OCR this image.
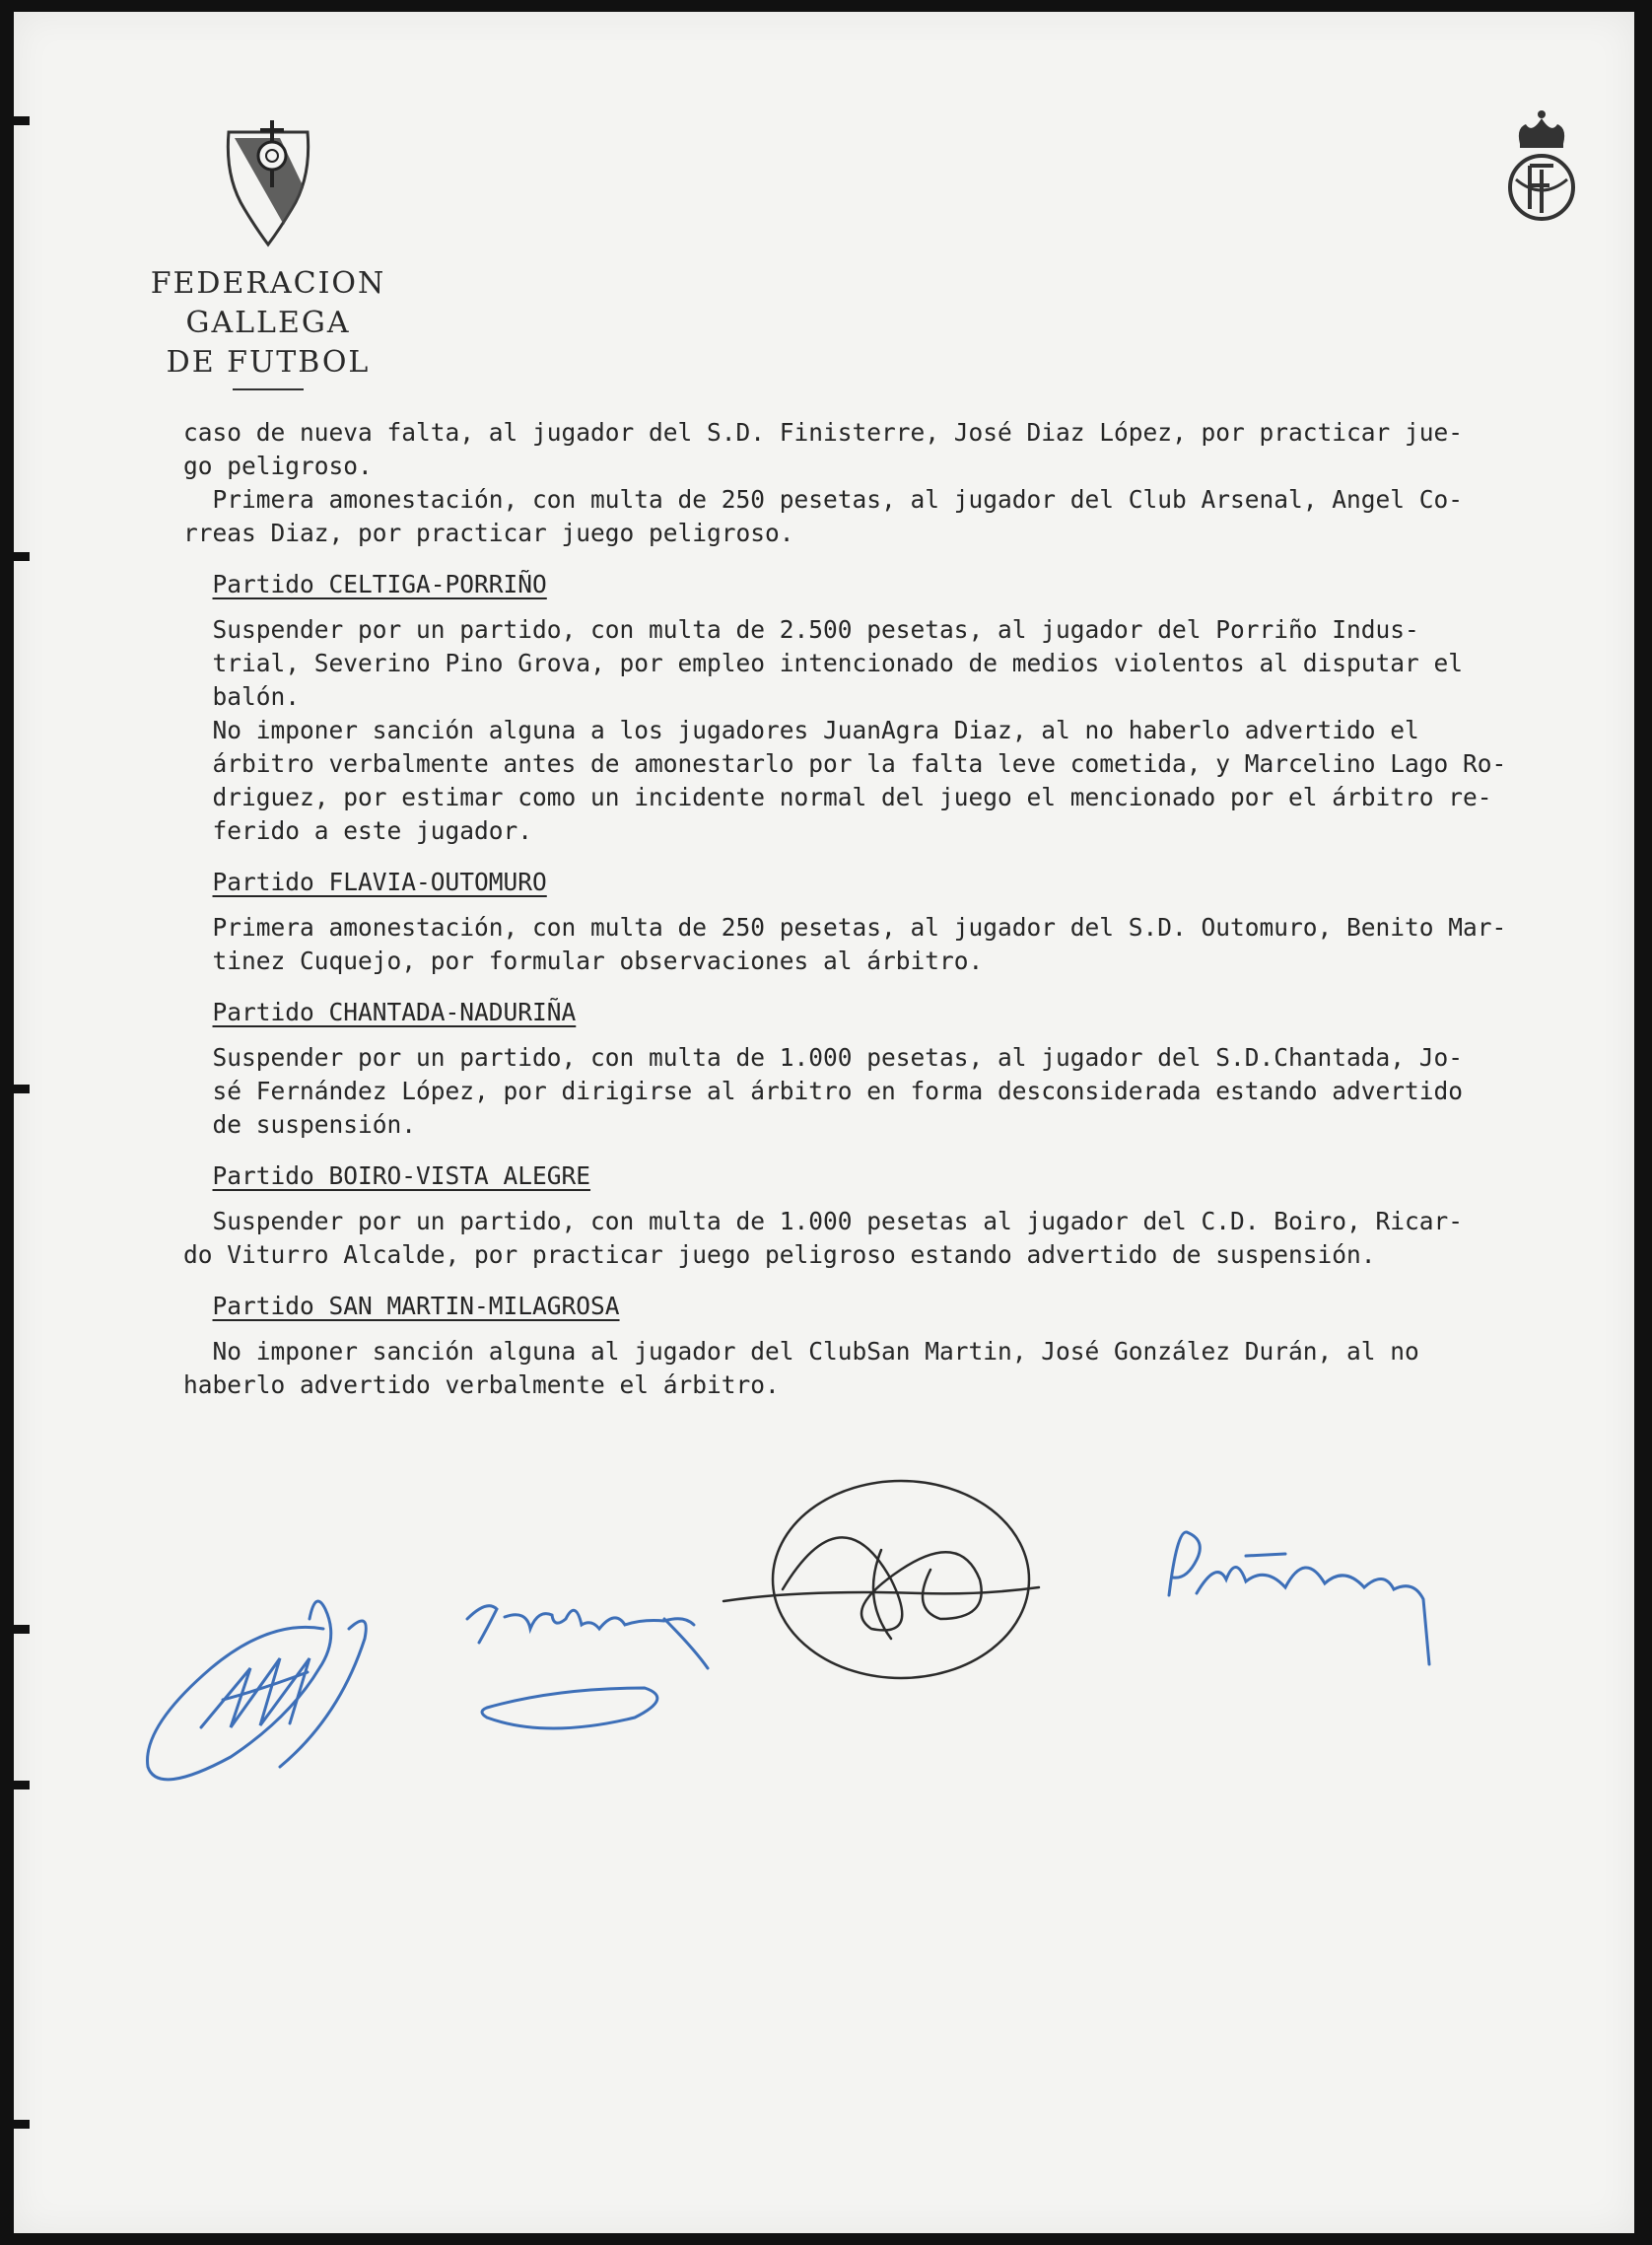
FEDERACION GALLEGA
DE FUTBOL
caso de nueva falta, al jugador del S.D. Finisterre, José Diaz López, por practicar jue-
go peligroso.
Primera amonestación, con multa de 250 pesetas, al jugador del Club Arsenal, Angel Co-
rreas Diaz, por practicar juego peligroso.
Partido CELTIGA-PORRIÑO
Suspender por un partido, con multa de 2.500 pesetas, al jugador del Porriño Indus-
trial, Severino Pino Grova, por empleo intencionado de medios violentos al disputar el
balón.
No imponer sanción alguna a los jugadores JuanAgra Diaz, al no haberlo advertido el
árbitro verbalmente antes de amonestarlo por la falta leve cometida, y Marcelino Lago Ro-
driguez, por estimar como un incidente normal del juego el mencionado por el árbitro re-
ferido a este jugador.
Partido FLAVIA-OUTOMURO
Primera amonestación, con multa de 250 pesetas, al jugador del S.D. Outomuro, Benito Mar-
tinez Cuquejo, por formular observaciones al árbitro.
Partido CHANTADA-NADURIÑA
Suspender por un partido, con multa de 1.000 pesetas, al jugador del S.D.Chantada, Jo-
sé Fernández López, por dirigirse al árbitro en forma desconsiderada estando advertido
de suspensión.
Partido BOIRO-VISTA ALEGRE
Suspender por un partido, con multa de 1.000 pesetas al jugador del C.D. Boiro, Ricar-
do Viturro Alcalde, por practicar juego peligroso estando advertido de suspensión.
Partido SAN MARTIN-MILAGROSA
No imponer sanción alguna al jugador del ClubSan Martin, José González Durán, al no
haberlo advertido verbalmente el árbitro.
